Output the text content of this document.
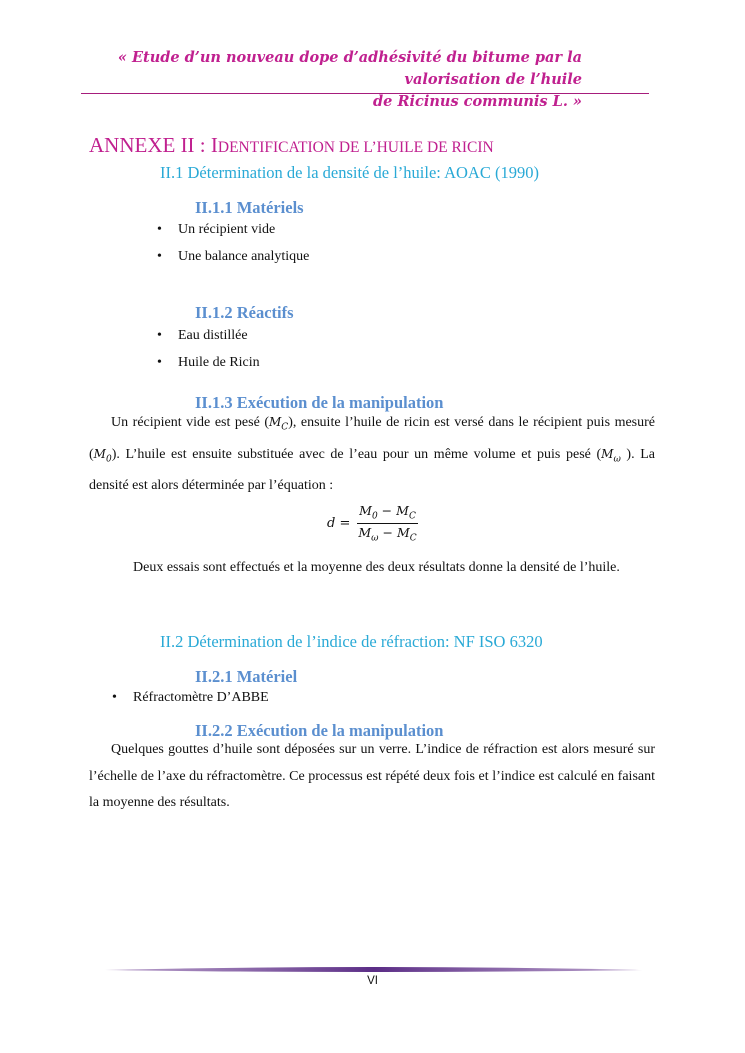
« Etude d’un nouveau dope d’adhésivité du bitume par la valorisation de l’huile
de Ricinus communis L. »
ANNEXE II : IDENTIFICATION DE L’HUILE DE RICIN
II.1 Détermination de la densité de l’huile: AOAC (1990)
II.1.1 Matériels
• Un récipient vide
• Une balance analytique
II.1.2 Réactifs
• Eau distillée
• Huile de Ricin
II.1.3 Exécution de la manipulation

Un récipient vide est pesé $(M_C)$, ensuite l’huile de ricin est versé dans le récipient puis mesuré $(M_0)$. L’huile est ensuite substituée avec de l’eau pour un même volume et puis pesé ($M_\omega$ ). La densité est alors déterminée par l’équation :

$d = \frac{M_0 - M_C}{M_\omega - M_C}$
Deux essais sont effectués et la moyenne des deux résultats donne la densité de l’huile.
II.2 Détermination de l’indice de réfraction: NF ISO 6320
II.2.1 Matériel
• Réfractomètre D’ABBE
II.2.2 Exécution de la manipulation

Quelques gouttes d’huile sont déposées sur un verre. L’indice de réfraction est alors mesuré sur l’échelle de l’axe du réfractomètre. Ce processus est répété deux fois et l’indice est calculé en faisant la moyenne des résultats.

VI
